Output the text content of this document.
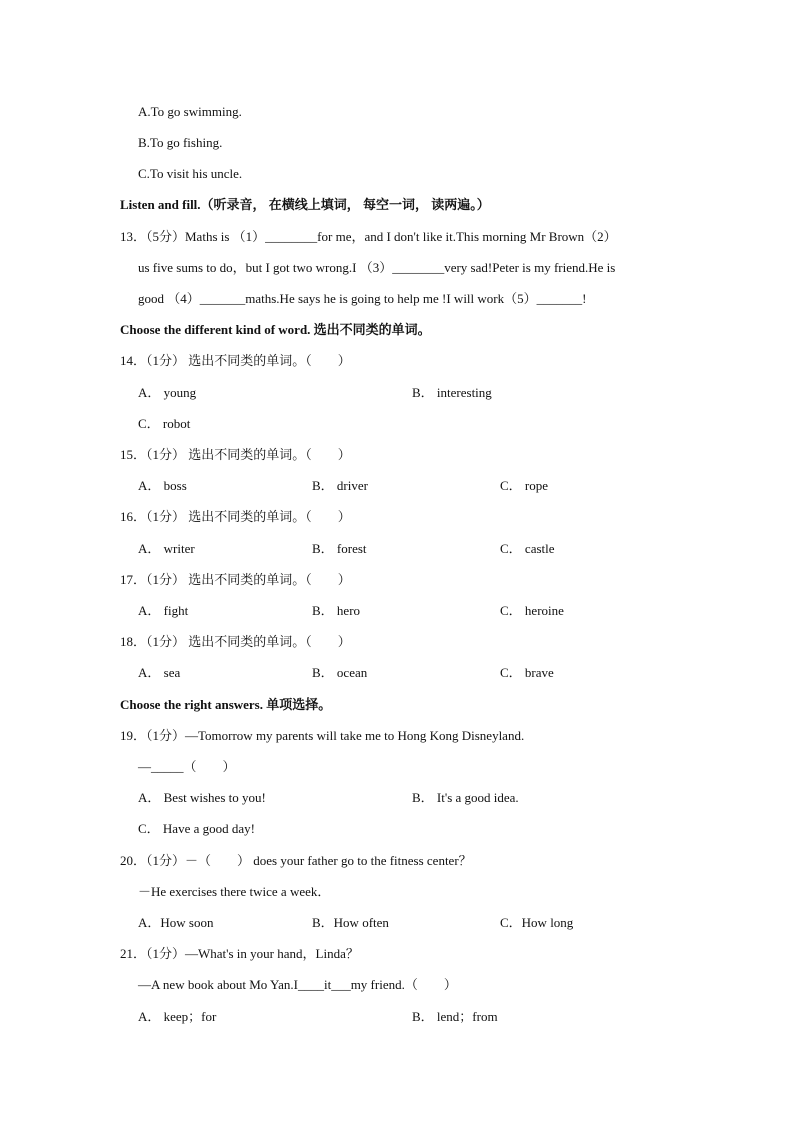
A.To go swimming.
B.To go fishing.
C.To visit his uncle.
Listen and fill.（听录音， 在横线上填词， 每空一词， 读两遍。）
13．（5分）Maths is （1）________for me，and I don't like it.This morning Mr Brown（2）
us five sums to do，but I got two wrong.I （3）________very sad!Peter is my friend.He is
good （4）_______maths.He says he is going to help me !I will work（5）_______!
Choose the different kind of word. 选出不同类的单词。
14．（1分） 选出不同类的单词。（　　）
A． young	B． interesting
C． robot
15．（1分） 选出不同类的单词。（　　）
A． boss	B． driver	C． rope
16．（1分） 选出不同类的单词。（　　）
A． writer	B． forest	C． castle
17．（1分） 选出不同类的单词。（　　）
A． fight	B． hero	C． heroine
18．（1分） 选出不同类的单词。（　　）
A． sea	B． ocean	C． brave
Choose the right answers. 单项选择。
19．（1分）—Tomorrow my parents will take me to Hong Kong Disneyland.
—_____（　　）
A． Best wishes to you!	B． It's a good idea.
C． Have a good day!
20．（1分）－（　　） does your father go to the fitness center？
－He exercises there twice a week．
A．How soon	B．How often	C．How long
21．（1分）—What's in your hand，Linda？
—A new book about Mo Yan.I____it___my friend.（　　）
A． keep；for	B． lend；from
